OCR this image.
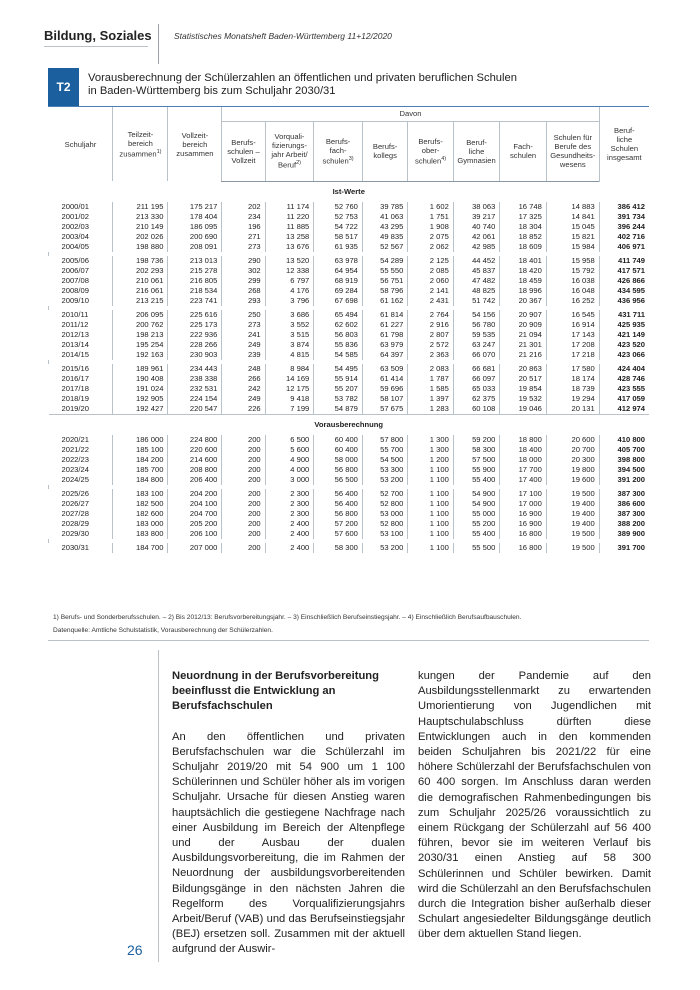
Bildung, Soziales	Statistisches Monatsheft Baden-Württemberg 11+12/2020
T2
Vorausberechnung der Schülerzahlen an öffentlichen und privaten beruflichen Schulen
in Baden-Württemberg bis zum Schuljahr 2030/31
Schuljahr	Teilzeit-
bereich
zusammen$^{1)}$	Vollzeit-
bereich
zusammen	Davon								Beruf-
liche
Schulen
insgesamt
			Berufs-
schulen –
Vollzeit	Vorquali-
fizierungs-
jahr Arbeit/
Beruf$^{2)}$	Berufs-
fach-
schulen$^{3)}$	Berufs-
kollegs	Berufs-
ober-
schulen$^{4)}$	Beruf-
liche
Gymnasien	Fach-
schulen	Schulen für
Berufe des
Gesundheits-
wesens	
Ist-Werte											
2000/01	211 195	175 217	202	11 174	52 760	39 785	1 602	38 063	16 748	14 883	386 412
2001/02	213 330	178 404	234	11 220	52 753	41 063	1 751	39 217	17 325	14 841	391 734
2002/03	210 149	186 095	196	11 885	54 722	43 295	1 908	40 740	18 304	15 045	396 244
2003/04	202 026	200 690	271	13 258	58 517	49 835	2 075	42 061	18 852	15 821	402 716
2004/05	198 880	208 091	273	13 676	61 935	52 567	2 062	42 985	18 609	15 984	406 971

2005/06	198 736	213 013	290	13 520	63 978	54 289	2 125	44 452	18 401	15 958	411 749
2006/07	202 293	215 278	302	12 338	64 954	55 550	2 085	45 837	18 420	15 792	417 571
2007/08	210 061	216 805	299	6 797	68 919	56 751	2 060	47 482	18 459	16 038	426 866
2008/09	216 061	218 534	268	4 176	69 284	58 796	2 141	48 825	18 996	16 048	434 595
2009/10	213 215	223 741	293	3 796	67 698	61 162	2 431	51 742	20 367	16 252	436 956

2010/11	206 095	225 616	250	3 686	65 494	61 814	2 764	54 156	20 907	16 545	431 711
2011/12	200 762	225 173	273	3 552	62 602	61 227	2 916	56 780	20 909	16 914	425 935
2012/13	198 213	222 936	241	3 515	56 803	61 798	2 807	59 535	21 094	17 143	421 149
2013/14	195 254	228 266	249	3 874	55 836	63 979	2 572	63 247	21 301	17 208	423 520
2014/15	192 163	230 903	239	4 815	54 585	64 397	2 363	66 070	21 216	17 218	423 066

2015/16	189 961	234 443	248	8 984	54 495	63 509	2 083	66 681	20 863	17 580	424 404
2016/17	190 408	238 338	266	14 169	55 914	61 414	1 787	66 097	20 517	18 174	428 746
2017/18	191 024	232 531	242	12 175	55 207	59 696	1 585	65 033	19 854	18 739	423 555
2018/19	192 905	224 154	249	9 418	53 782	58 107	1 397	62 375	19 532	19 294	417 059
2019/20	192 427	220 547	226	7 199	54 879	57 675	1 283	60 108	19 046	20 131	412 974
Vorausberechnung											
2020/21	186 000	224 800	200	6 500	60 400	57 800	1 300	59 200	18 800	20 600	410 800
2021/22	185 100	220 600	200	5 600	60 400	55 700	1 300	58 300	18 400	20 700	405 700
2022/23	184 200	214 600	200	4 900	58 000	54 500	1 200	57 500	18 000	20 300	398 800
2023/24	185 700	208 800	200	4 000	56 800	53 300	1 100	55 900	17 700	19 800	394 500
2024/25	184 800	206 400	200	3 000	56 500	53 200	1 100	55 400	17 400	19 600	391 200

2025/26	183 100	204 200	200	2 300	56 400	52 700	1 100	54 900	17 100	19 500	387 300
2026/27	182 500	204 100	200	2 300	56 400	52 800	1 100	54 900	17 000	19 400	386 600
2027/28	182 600	204 700	200	2 300	56 800	53 000	1 100	55 000	16 900	19 400	387 300
2028/29	183 000	205 200	200	2 400	57 200	52 800	1 100	55 200	16 900	19 400	388 200
2029/30	183 800	206 100	200	2 400	57 600	53 100	1 100	55 400	16 800	19 500	389 900

2030/31	184 700	207 000	200	2 400	58 300	53 200	1 100	55 500	16 800	19 500	391 700
1) Berufs- und Sonderberufsschulen. – 2) Bis 2012/13: Berufsvorbereitungsjahr. – 3) Einschließlich Berufseinstiegsjahr. – 4) Einschließlich Berufsaufbauschulen.
Datenquelle: Amtliche Schulstatistik, Vorausberechnung der Schülerzahlen.
Neuordnung in der Berufsvorbereitung beeinflusst die Entwicklung an Berufsfachschulen

An den öffentlichen und privaten Berufsfachschulen war die Schülerzahl im Schuljahr 2019/20 mit 54 900 um 1 100 Schülerinnen und Schüler höher als im vorigen Schuljahr. Ursache für diesen Anstieg waren hauptsächlich die gestiegene Nachfrage nach einer Ausbildung im Bereich der Altenpflege und der Ausbau der dualen Ausbildungsvorbereitung, die im Rahmen der Neuordnung der ausbildungsvorbereitenden Bildungsgänge in den nächsten Jahren die Regelform des Vorqualifizierungsjahrs Arbeit/Beruf (VAB) und das Berufseinstiegsjahr (BEJ) ersetzen soll. Zusammen mit der aktuell aufgrund der Auswir-

kungen der Pandemie auf den Ausbildungsstellenmarkt zu erwartenden Umorientierung von Jugendlichen mit Hauptschulabschluss dürften diese Entwicklungen auch in den kommenden beiden Schuljahren bis 2021/22 für eine höhere Schülerzahl der Berufsfachschulen von 60 400 sorgen. Im Anschluss daran werden die demografischen Rahmenbedingungen bis zum Schuljahr 2025/26 voraussichtlich zu einem Rückgang der Schülerzahl auf 56 400 führen, bevor sie im weiteren Verlauf bis 2030/31 einen Anstieg auf 58 300 Schülerinnen und Schüler bewirken. Damit wird die Schülerzahl an den Berufsfachschulen durch die Integration bisher außerhalb dieser Schulart angesiedelter Bildungsgänge deutlich über dem aktuellen Stand liegen.

26
